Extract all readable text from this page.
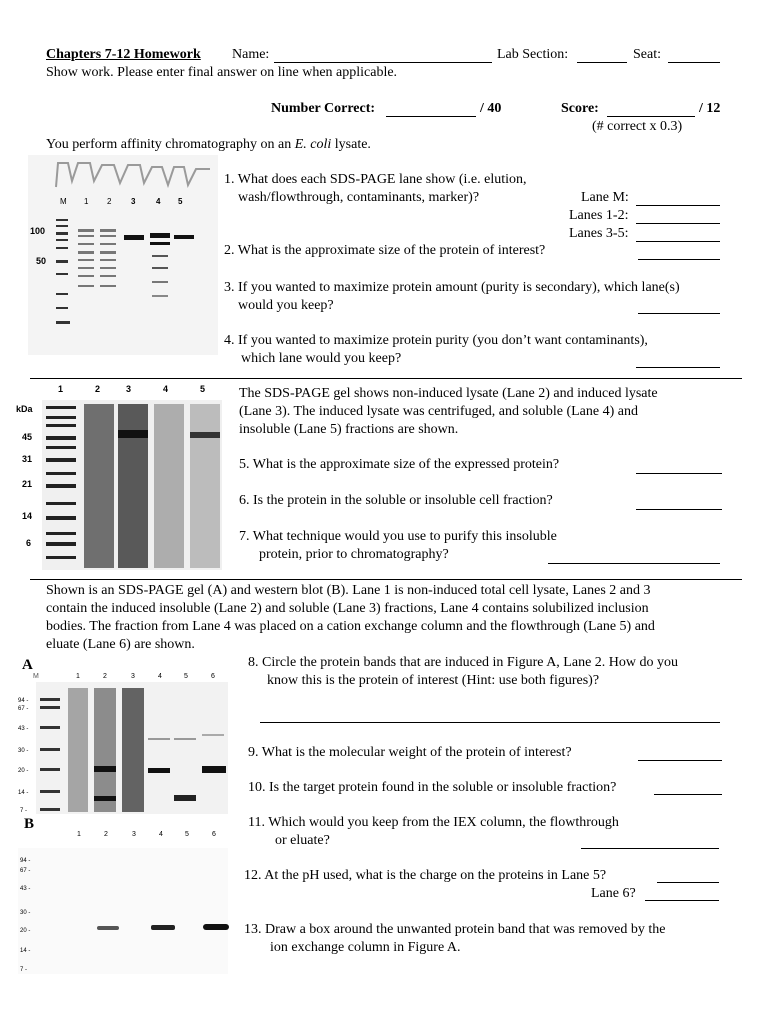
Chapters 7-12 Homework Name:	Lab Section:	Seat:
Show work. Please enter final answer on line when applicable.
Number Correct:	/ 40	Score:	/ 12
(# correct x 0.3)
You perform affinity chromatography on an E. coli lysate.
M 1 2 3	4 5
100
50
1. What does each SDS-PAGE lane show (i.e. elution,
wash/flowthrough, contaminants, marker)?	Lane M:
Lanes 1-2:
Lanes 3-5:
2. What is the approximate size of the protein of interest?
3. If you wanted to maximize protein amount (purity is secondary), which lane(s)
would you keep?
4. If you wanted to maximize protein purity (you don’t want contaminants),
which lane would you keep?
1	2	3	4	5
kDa
45
31
21
14
6
The SDS-PAGE gel shows non-induced lysate (Lane 2) and induced lysate
(Lane 3). The induced lysate was centrifuged, and soluble (Lane 4) and
insoluble (Lane 5) fractions are shown.
5. What is the approximate size of the expressed protein?
6. Is the protein in the soluble or insoluble cell fraction?
7. What technique would you use to purify this insoluble
protein, prior to chromatography?
Shown is an SDS-PAGE gel (A) and western blot (B). Lane 1 is non-induced total cell lysate, Lanes 2 and 3
contain the induced insoluble (Lane 2) and soluble (Lane 3) fractions, Lane 4 contains solubilized inclusion
bodies. The fraction from Lane 4 was placed on a cation exchange column and the flowthrough (Lane 5) and
eluate (Lane 6) are shown.
A
M	1	2	3	4	5	6
94 -
67 -
43 -
30 -
20 -
14 -
7 -
B
1	2	3	4	5	6
94 -
67 -
43 -
30 -
20 -
14 -
7 -
8. Circle the protein bands that are induced in Figure A, Lane 2. How do you
know this is the protein of interest (Hint: use both figures)?
9. What is the molecular weight of the protein of interest?
10. Is the target protein found in the soluble or insoluble fraction?
11. Which would you keep from the IEX column, the flowthrough
or eluate?
12. At the pH used, what is the charge on the proteins in Lane 5?
Lane 6?
13. Draw a box around the unwanted protein band that was removed by the
ion exchange column in Figure A.
